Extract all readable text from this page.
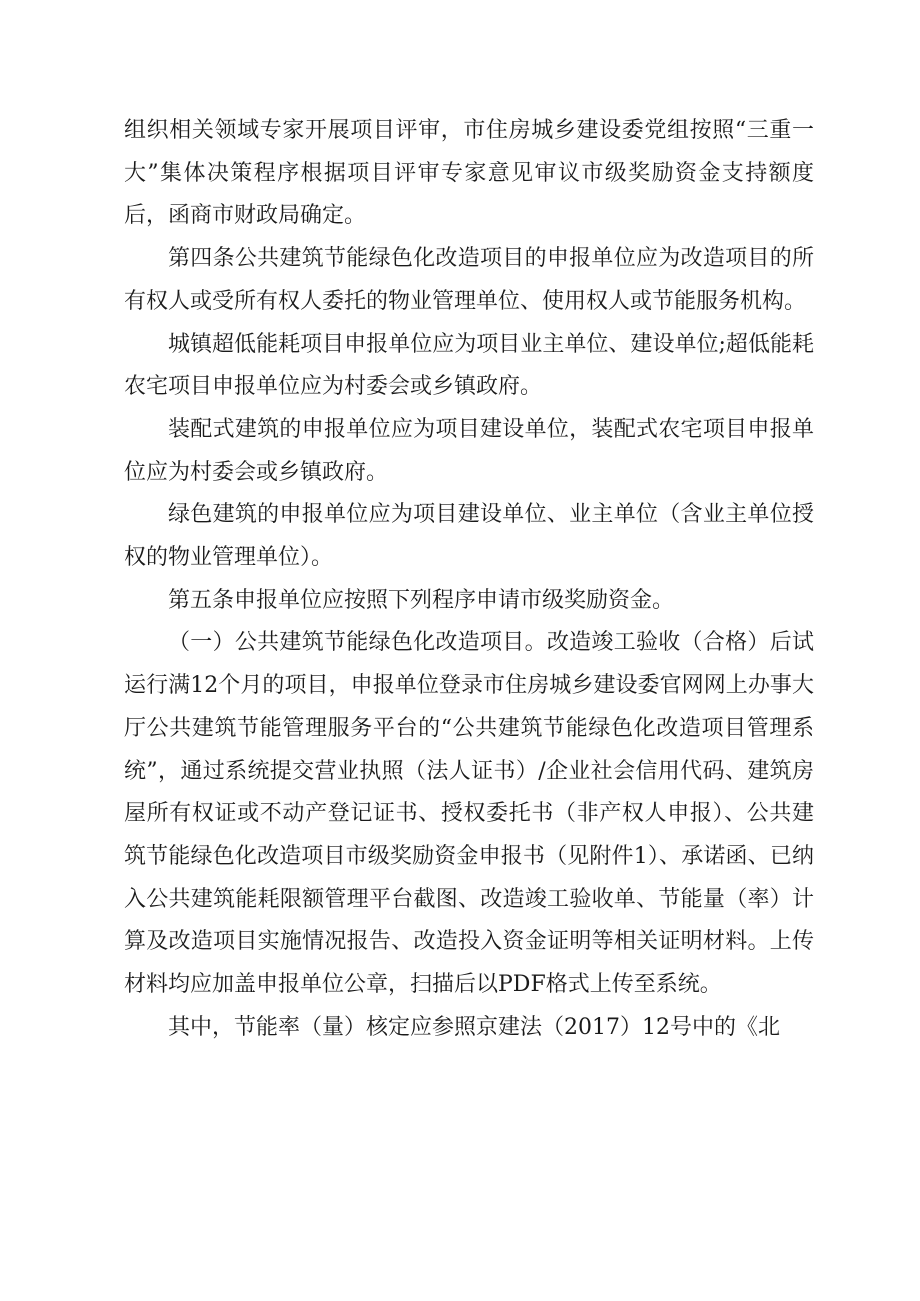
组织相关领域专家开展项目评审，市住房城乡建设委党组按照“三重一大”集体决策程序根据项目评审专家意见审议市级奖励资金支持额度后，函商市财政局确定。

第四条公共建筑节能绿色化改造项目的申报单位应为改造项目的所有权人或受所有权人委托的物业管理单位、使用权人或节能服务机构。

城镇超低能耗项目申报单位应为项目业主单位、建设单位;超低能耗农宅项目申报单位应为村委会或乡镇政府。

装配式建筑的申报单位应为项目建设单位，装配式农宅项目申报单位应为村委会或乡镇政府。

绿色建筑的申报单位应为项目建设单位、业主单位（含业主单位授权的物业管理单位）。

第五条申报单位应按照下列程序申请市级奖励资金。

（一）公共建筑节能绿色化改造项目。改造竣工验收（合格）后试运行满12个月的项目，申报单位登录市住房城乡建设委官网网上办事大厅公共建筑节能管理服务平台的“公共建筑节能绿色化改造项目管理系统”，通过系统提交营业执照（法人证书）/企业社会信用代码、建筑房屋所有权证或不动产登记证书、授权委托书（非产权人申报）、公共建筑节能绿色化改造项目市级奖励资金申报书（见附件1）、承诺函、已纳入公共建筑能耗限额管理平台截图、改造竣工验收单、节能量（率）计算及改造项目实施情况报告、改造投入资金证明等相关证明材料。上传材料均应加盖申报单位公章，扫描后以PDF格式上传至系统。

其中，节能率（量）核定应参照京建法（2017）12号中的《北
